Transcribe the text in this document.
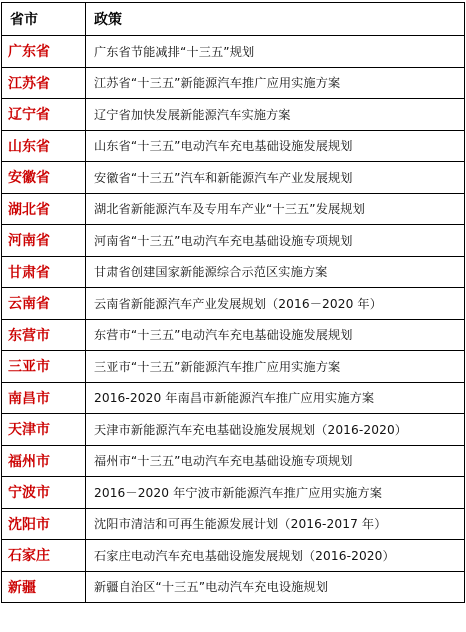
省市	政策
广东省	广东省节能减排“十三五”规划
江苏省	江苏省“十三五”新能源汽车推广应用实施方案
辽宁省	辽宁省加快发展新能源汽车实施方案
山东省	山东省“十三五”电动汽车充电基础设施发展规划
安徽省	安徽省“十三五”汽车和新能源汽车产业发展规划
湖北省	湖北省新能源汽车及专用车产业“十三五”发展规划
河南省	河南省“十三五”电动汽车充电基础设施专项规划
甘肃省	甘肃省创建国家新能源综合示范区实施方案
云南省	云南省新能源汽车产业发展规划（2016－2020 年）
东营市	东营市“十三五”电动汽车充电基础设施发展规划
三亚市	三亚市“十三五”新能源汽车推广应用实施方案
南昌市	2016-2020 年南昌市新能源汽车推广应用实施方案
天津市	天津市新能源汽车充电基础设施发展规划（2016-2020）
福州市	福州市“十三五”电动汽车充电基础设施专项规划
宁波市	2016－2020 年宁波市新能源汽车推广应用实施方案
沈阳市	沈阳市清洁和可再生能源发展计划（2016-2017 年）
石家庄	石家庄电动汽车充电基础设施发展规划（2016-2020）
新疆	新疆自治区“十三五”电动汽车充电设施规划
